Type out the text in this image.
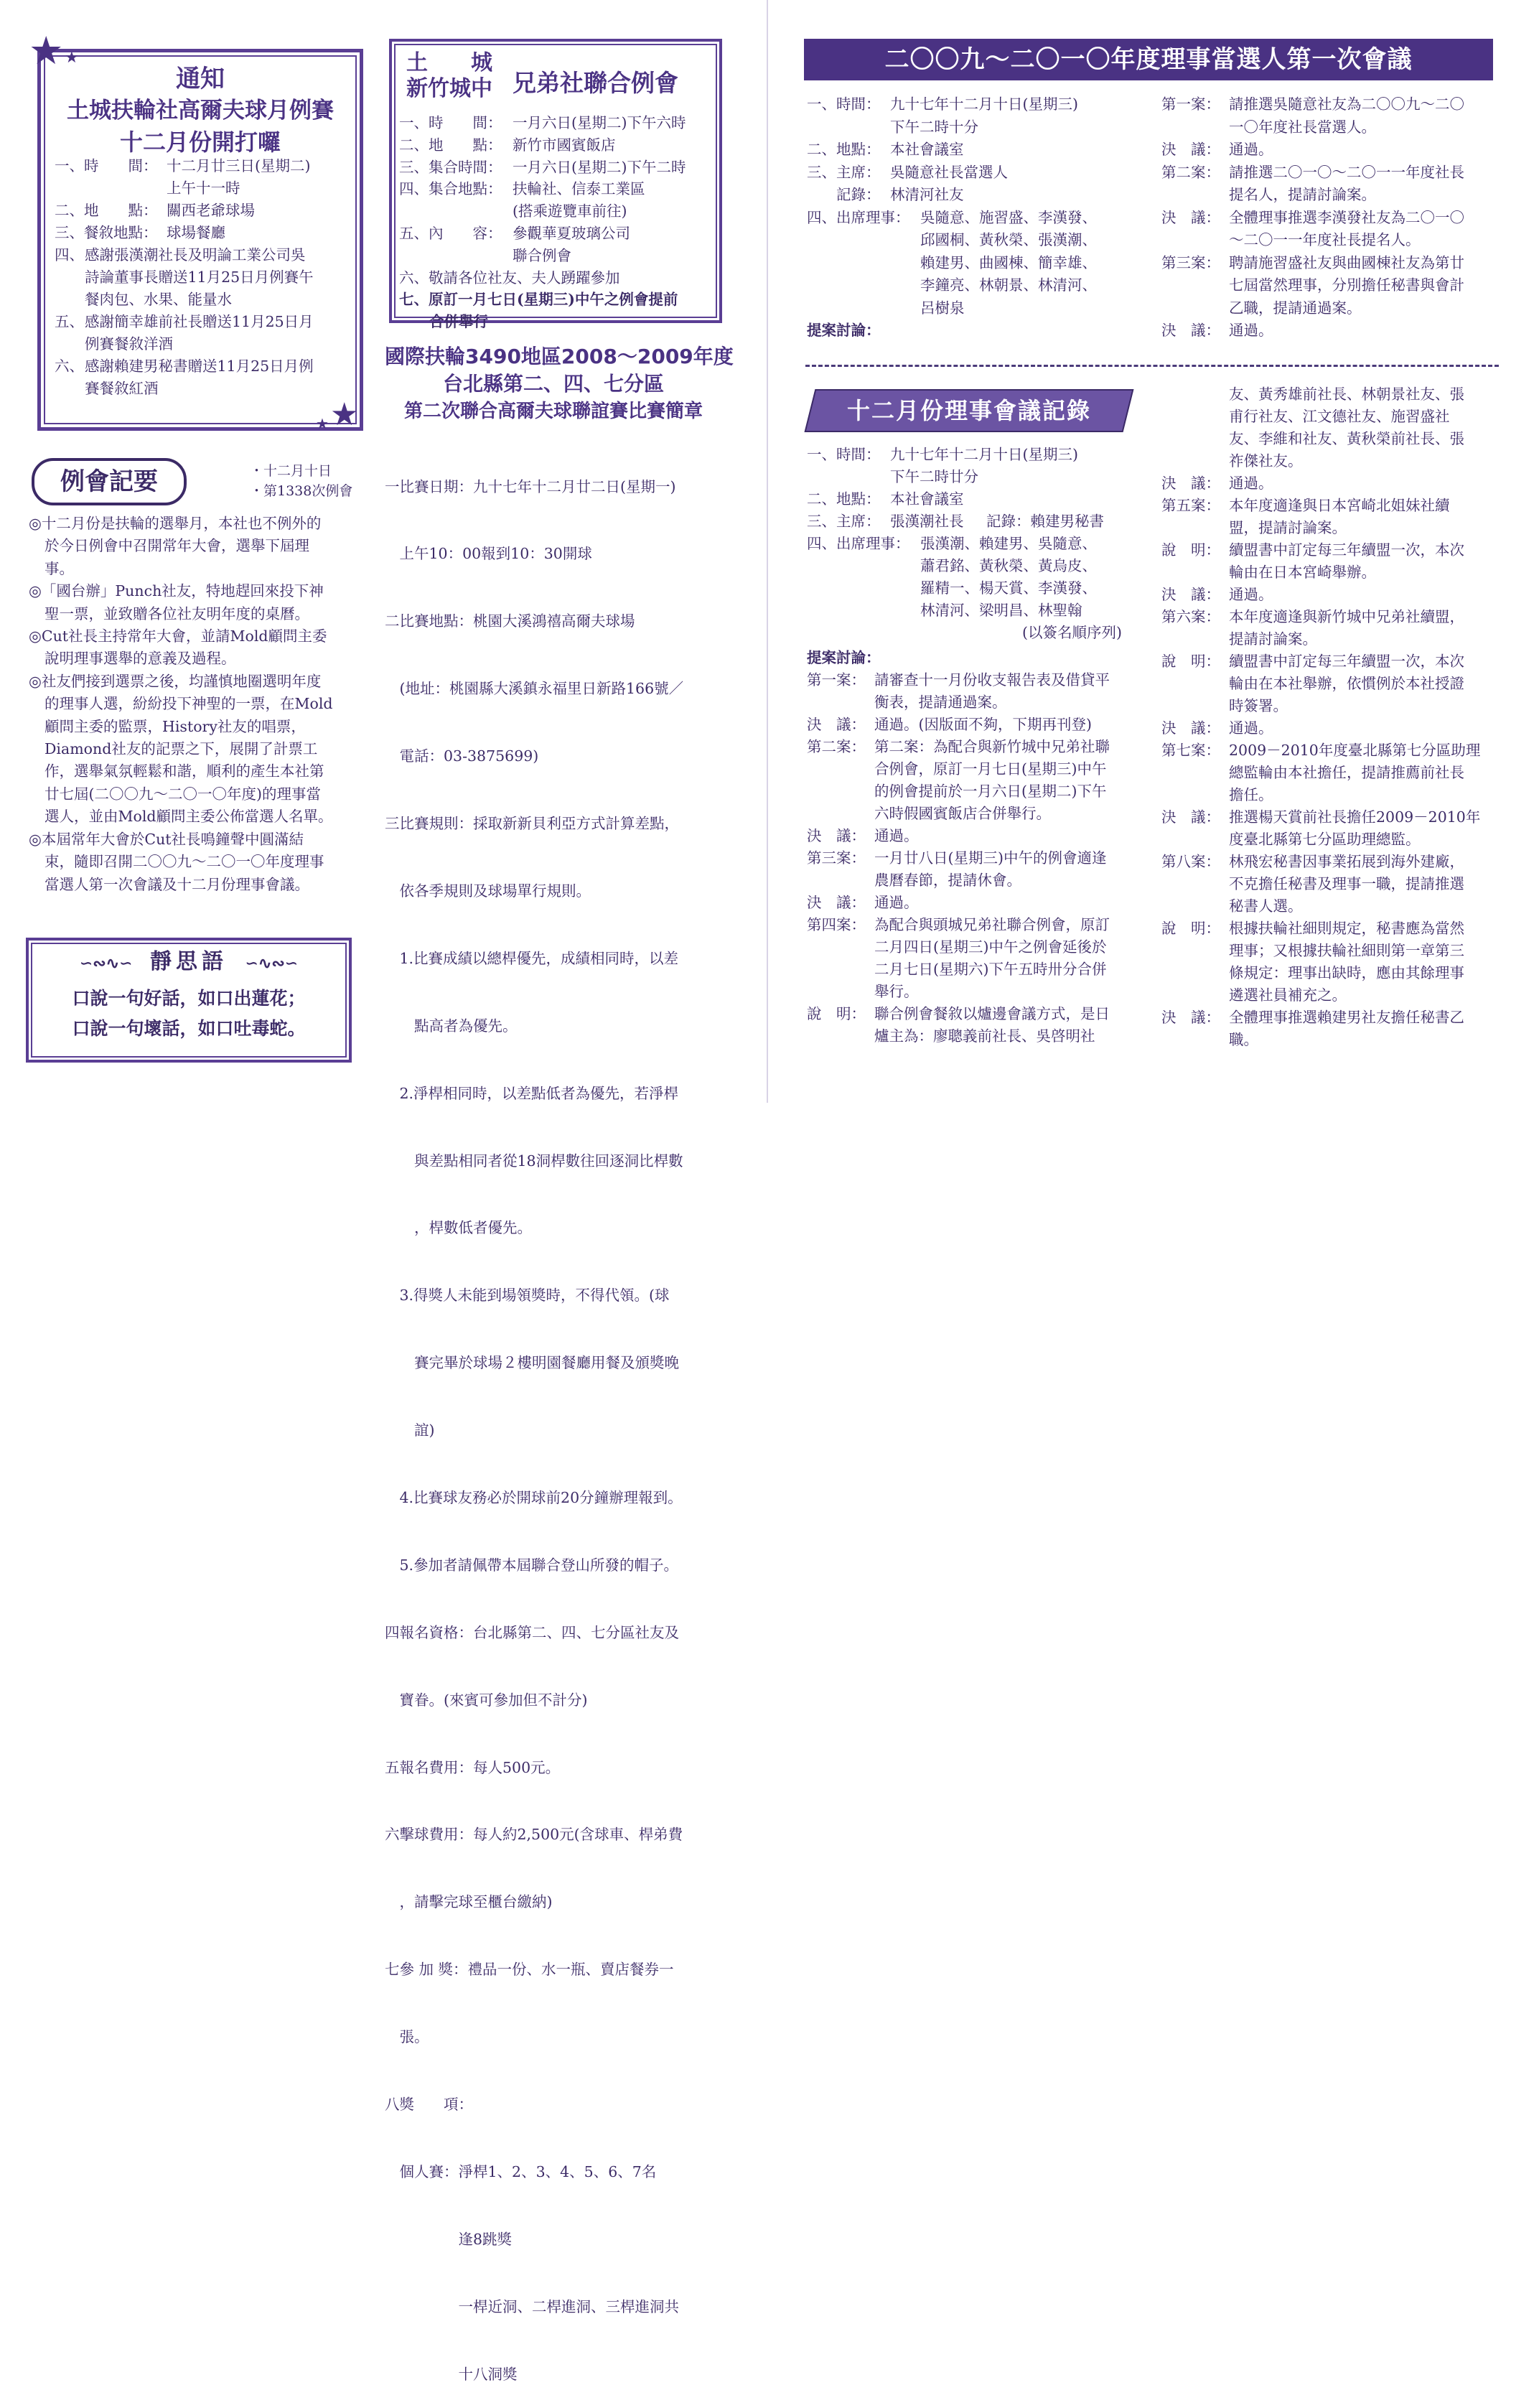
★ ★
★
★
通知
土城扶輪社高爾夫球月例賽
十二月份開打囉
一、時　　間： 十二月廿三日(星期二)
上午十一時
二、地　　點： 關西老爺球場
三、餐敘地點： 球場餐廳
四、 感謝張漢潮社長及明論工業公司吳
詩論董事長贈送11月25日月例賽午
餐肉包、水果、能量水
五、 感謝簡幸雄前社長贈送11月25日月
例賽餐敘洋酒
六、 感謝賴建男秘書贈送11月25日月例
賽餐敘紅酒
例會記要	・十二月十日
・第1338次例會
◎十二月份是扶輪的選舉月，本社也不例外的
於今日例會中召開常年大會，選舉下屆理
事。
◎「國台辦」Punch社友，特地趕回來投下神
聖一票，並致贈各位社友明年度的桌曆。
◎Cut社長主持常年大會，並請Mold顧問主委
說明理事選舉的意義及過程。
◎社友們接到選票之後，均謹慎地圈選明年度
的理事人選，紛紛投下神聖的一票，在Mold
顧問主委的監票，History社友的唱票，
Diamond社友的記票之下，展開了計票工
作，選舉氣氛輕鬆和諧，順利的產生本社第
廿七屆(二〇〇九～二〇一〇年度)的理事當
選人，並由Mold顧問主委公佈當選人名單。
◎本屆常年大會於Cut社長鳴鐘聲中圓滿結
束，隨即召開二〇〇九～二〇一〇年度理事
當選人第一次會議及十二月份理事會議。
∽∾∿∽ 靜思語 ∽∿∾∽
口說一句好話，如口出蓮花；
口說一句壞話，如口吐毒蛇。
土　　城
新竹城中 兄弟社聯合例會
一、時　　間： 一月六日(星期二)下午六時
二、地　　點： 新竹市國賓飯店
三、集合時間： 一月六日(星期二)下午二時
四、集合地點： 扶輪社、信泰工業區
(搭乘遊覽車前往)
五、內　　容： 參觀華夏玻璃公司
聯合例會
六、敬請各位社友、夫人踴躍參加
七、原訂一月七日(星期三)中午之例會提前
合併舉行
國際扶輪3490地區2008～2009年度
台北縣第二、四、七分區
第二次聯合高爾夫球聯誼賽比賽簡章

一比賽日期：九十七年十二月廿二日(星期一)

　上午10：00報到10：30開球

二比賽地點：桃園大溪鴻禧高爾夫球場

　(地址：桃園縣大溪鎮永福里日新路166號／

　電話：03-3875699)

三比賽規則：採取新新貝利亞方式計算差點，

　依各季規則及球場單行規則。

　1.比賽成績以總桿優先，成績相同時，以差

　　點高者為優先。

　2.淨桿相同時，以差點低者為優先，若淨桿

　　與差點相同者從18洞桿數往回逐洞比桿數

　　，桿數低者優先。

　3.得獎人未能到場領獎時，不得代領。(球

　　賽完畢於球場２樓明園餐廳用餐及頒獎晚

　　誼)

　4.比賽球友務必於開球前20分鐘辦理報到。

　5.參加者請佩帶本屆聯合登山所發的帽子。

四報名資格：台北縣第二、四、七分區社友及

　寶眷。(來賓可參加但不計分)

五報名費用：每人500元。

六擊球費用：每人約2,500元(含球車、桿弟費

　，請擊完球至櫃台繳納)

七參 加 獎：禮品一份、水一瓶、賣店餐券一

　張。

八獎　　項：

　個人賽：淨桿1、2、3、4、5、6、7名

　　　　　逢8跳獎

　　　　　一桿近洞、二桿進洞、三桿進洞共

　　　　　十八洞獎

二〇〇九～二〇一〇年度理事當選人第一次會議
一、時間： 九十七年十二月十日(星期三)
下午二時十分
二、地點： 本社會議室
三、主席： 吳隨意社長當選人
　　記錄： 林清河社友
四、出席理事： 吳隨意、施習盛、李漢發、
邱國桐、黃秋榮、張漢潮、
賴建男、曲國棟、簡幸雄、
李鐘亮、林朝景、林清河、
呂樹泉
提案討論：
第一案： 請推選吳隨意社友為二〇〇九～二〇
一〇年度社長當選人。
決　議： 通過。
第二案： 請推選二〇一〇～二〇一一年度社長
提名人，提請討論案。
決　議： 全體理事推選李漢發社友為二〇一〇
～二〇一一年度社長提名人。
第三案： 聘請施習盛社友與曲國棟社友為第廿
七屆當然理事，分別擔任秘書與會計
乙職，提請通過案。
決　議： 通過。
十二月份理事會議記錄
一、時間： 九十七年十二月十日(星期三)
下午二時廿分
二、地點： 本社會議室
三、主席： 張漢潮社長	記錄：賴建男秘書
四、出席理事： 張漢潮、賴建男、吳隨意、
蕭君銘、黃秋榮、黃烏皮、
羅精一、楊天賞、李漢發、
林清河、梁明昌、林聖翰
(以簽名順序列)
提案討論：
第一案： 請審查十一月份收支報告表及借貸平
衡表，提請通過案。
決　議： 通過。(因版面不夠，下期再刊登)
第二案： 第二案：為配合與新竹城中兄弟社聯
合例會，原訂一月七日(星期三)中午
的例會提前於一月六日(星期二)下午
六時假國賓飯店合併舉行。
決　議： 通過。
第三案： 一月廿八日(星期三)中午的例會適逢
農曆春節，提請休會。
決　議： 通過。
第四案： 為配合與頭城兄弟社聯合例會，原訂
二月四日(星期三)中午之例會延後於
二月七日(星期六)下午五時卅分合併
舉行。
說　明： 聯合例會餐敘以爐邊會議方式，是日
爐主為：廖聰義前社長、吳啓明社
友、黃秀雄前社長、林朝景社友、張
甫行社友、江文德社友、施習盛社
友、李維和社友、黃秋榮前社長、張
祚傑社友。
決　議： 通過。
第五案： 本年度適逢與日本宮崎北姐妹社續
盟，提請討論案。
說　明： 續盟書中訂定每三年續盟一次，本次
輪由在日本宮崎舉辦。
決　議： 通過。
第六案： 本年度適逢與新竹城中兄弟社續盟，
提請討論案。
說　明： 續盟書中訂定每三年續盟一次，本次
輪由在本社舉辦，依慣例於本社授證
時簽署。
決　議： 通過。
第七案： 2009－2010年度臺北縣第七分區助理
總監輪由本社擔任，提請推薦前社長
擔任。
決　議： 推選楊天賞前社長擔任2009－2010年
度臺北縣第七分區助理總監。
第八案： 林飛宏秘書因事業拓展到海外建廠，
不克擔任秘書及理事一職，提請推選
秘書人選。
說　明： 根據扶輪社細則規定，秘書應為當然
理事；又根據扶輪社細則第一章第三
條規定：理事出缺時，應由其餘理事
遴選社員補充之。
決　議： 全體理事推選賴建男社友擔任秘書乙
職。
